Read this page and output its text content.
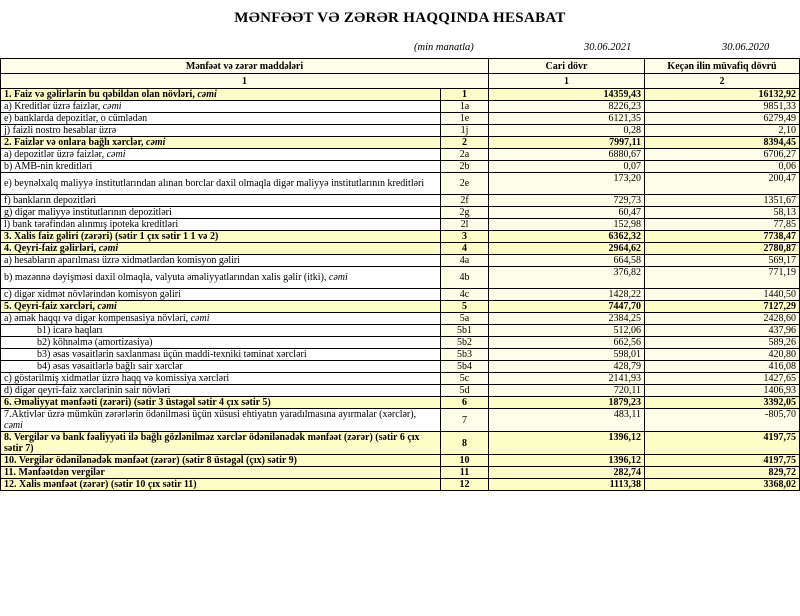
MƏNFƏƏT VƏ ZƏRƏR HAQQINDA HESABAT
(min manatla)	30.06.2021	30.06.2020
Mənfəət və zərər maddələri		Cari dövr	Keçən ilin müvafiq dövrü
1		1	2
1. Faiz və gəlirlərin bu qəbildən olan növləri, cəmi	1	14359,43	16132,92
a) Kreditlər üzrə faizlər, cəmi	1a	8226,23	9851,33
e) banklarda depozitlər, o cümlədən	1e	6121,35	6279,49
j) faizli nostro hesablar üzrə	1j	0,28	2,10
2. Faizlər və onlara bağlı xərclər, cəmi	2	7997,11	8394,45
a) depozitlər üzrə faizlər, cəmi	2a	6880,67	6706,27
b) AMB-nin kreditləri	2b	0,07	0,06
e) beynəlxalq maliyyə institutlarından alınan borclar daxil olmaqla digər maliyyə institutlarının kreditləri	2e	173,20	200,47
f) bankların depozitləri	2f	729,73	1351,67
g) digər maliyyə institutlarının depozitləri	2g	60,47	58,13
l) bank tərəfindən alınmış ipoteka kreditləri	2l	152,98	77,85
3. Xalis faiz gəliri (zərəri) (sətir 1 çıx sətir 1 1 və 2)	3	6362,32	7738,47
4. Qeyri-faiz gəlirləri, cəmi	4	2964,62	2780,87
a) hesabların aparılması üzrə xidmətlərdən komisyon gəliri	4a	664,58	569,17
b) məzənnə dəyişməsi daxil olmaqla, valyuta əməliyyatlarından xalis gəlir (itki), cəmi	4b	376,82	771,19
c) digər xidmət növlərindən komisyon gəliri	4c	1428,22	1440,50
5. Qeyri-faiz xərcləri, cəmi	5	7447,70	7127,29
a) əmək haqqı və digər kompensasiya növləri, cəmi	5a	2384,25	2428,60
b1) icarə haqları	5b1	512,06	437,96
b2) köhnəlmə (amortizasiya)	5b2	662,56	589,26
b3) əsas vəsaitlərin saxlanması üçün maddi-texniki təminat xərcləri	5b3	598,01	420,80
b4) əsas vəsaitlərlə bağlı sair xərclər	5b4	428,79	416,08
c) göstərilmiş xidmətlər üzrə haqq və komissiya xərcləri	5c	2141,93	1427,65
d) digər qeyri-faiz xərclərinin sair növləri	5d	720,11	1406,93
6. Əməliyyat mənfəəti (zərəri) (sətir 3 üstəgəl sətir 4 çıx sətir 5)	6	1879,23	3392,05
7.Aktivlər üzrə mümkün zərərlərin ödənilməsi üçün xüsusi ehtiyatın yaradılmasına ayırmalar (xərclər), cəmi	7	483,11	-805,70
8. Vergilər və bank fəaliyyəti ilə bağlı gözlənilməz xərclər ödənilənədək mənfəət (zərər) (sətir 6 çıx sətir 7)	8	1396,12	4197,75
10. Vergilər ödənilənədək mənfəət (zərər) (sətir 8 üstəgəl (çıx) sətir 9)	10	1396,12	4197,75
11. Mənfəətdən vergilər	11	282,74	829,72
12. Xalis mənfəət (zərər) (sətir 10 çıx sətir 11)	12	1113,38	3368,02
